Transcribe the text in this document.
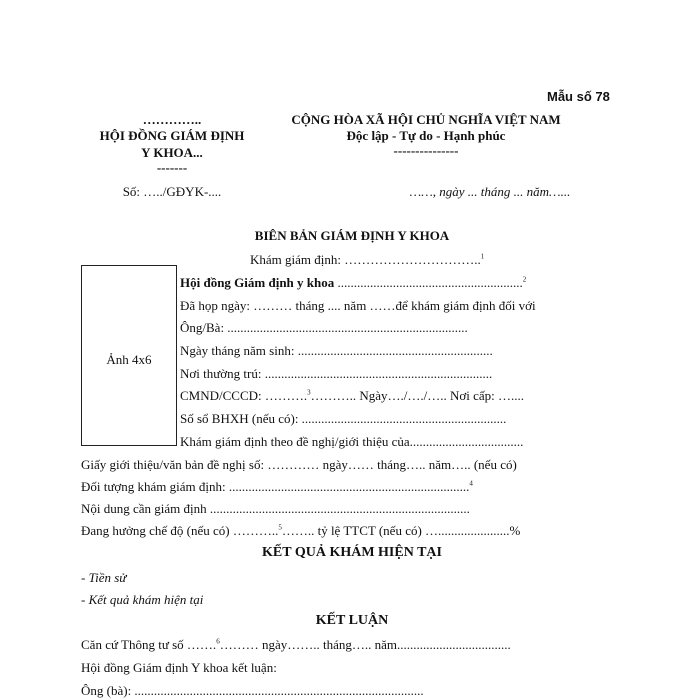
Mẫu số 78
…………..
HỘI ĐỒNG GIÁM ĐỊNH
Y KHOA...
-------
Số: …../GĐYK-....
CỘNG HÒA XÃ HỘI CHỦ NGHĨA VIỆT NAM
Độc lập - Tự do - Hạnh phúc
---------------
……, ngày ... tháng ... năm…...
BIÊN BẢN GIÁM ĐỊNH Y KHOA
Ảnh 4x6
Khám giám định: …………………………..$^1$
Hội đồng Giám định y khoa .........................................................$^2$
Đã họp ngày: ……… tháng .... năm ……để khám giám định đối với
Ông/Bà: ..........................................................................
Ngày tháng năm sinh: ............................................................
Nơi thường trú: ......................................................................
CMND/CCCD: ……….$^3$……….. Ngày…./…./….. Nơi cấp: …....
Số sổ BHXH (nếu có): ...............................................................
Khám giám định theo đề nghị/giới thiệu của...................................
Giấy giới thiệu/văn bản đề nghị số: ………… ngày…… tháng….. năm….. (nếu có)
Đối tượng khám giám định: ..........................................................................$^4$
Nội dung cần giám định ................................................................................
Đang hưởng chế độ (nếu có) ………..$^5$…….. tỷ lệ TTCT (nếu có) …......................%
KẾT QUẢ KHÁM HIỆN TẠI
- Tiền sử
- Kết quả khám hiện tại
KẾT LUẬN
Căn cứ Thông tư số …….$^6$……… ngày…….. tháng….. năm...................................
Hội đồng Giám định Y khoa kết luận:
Ông (bà): .........................................................................................
